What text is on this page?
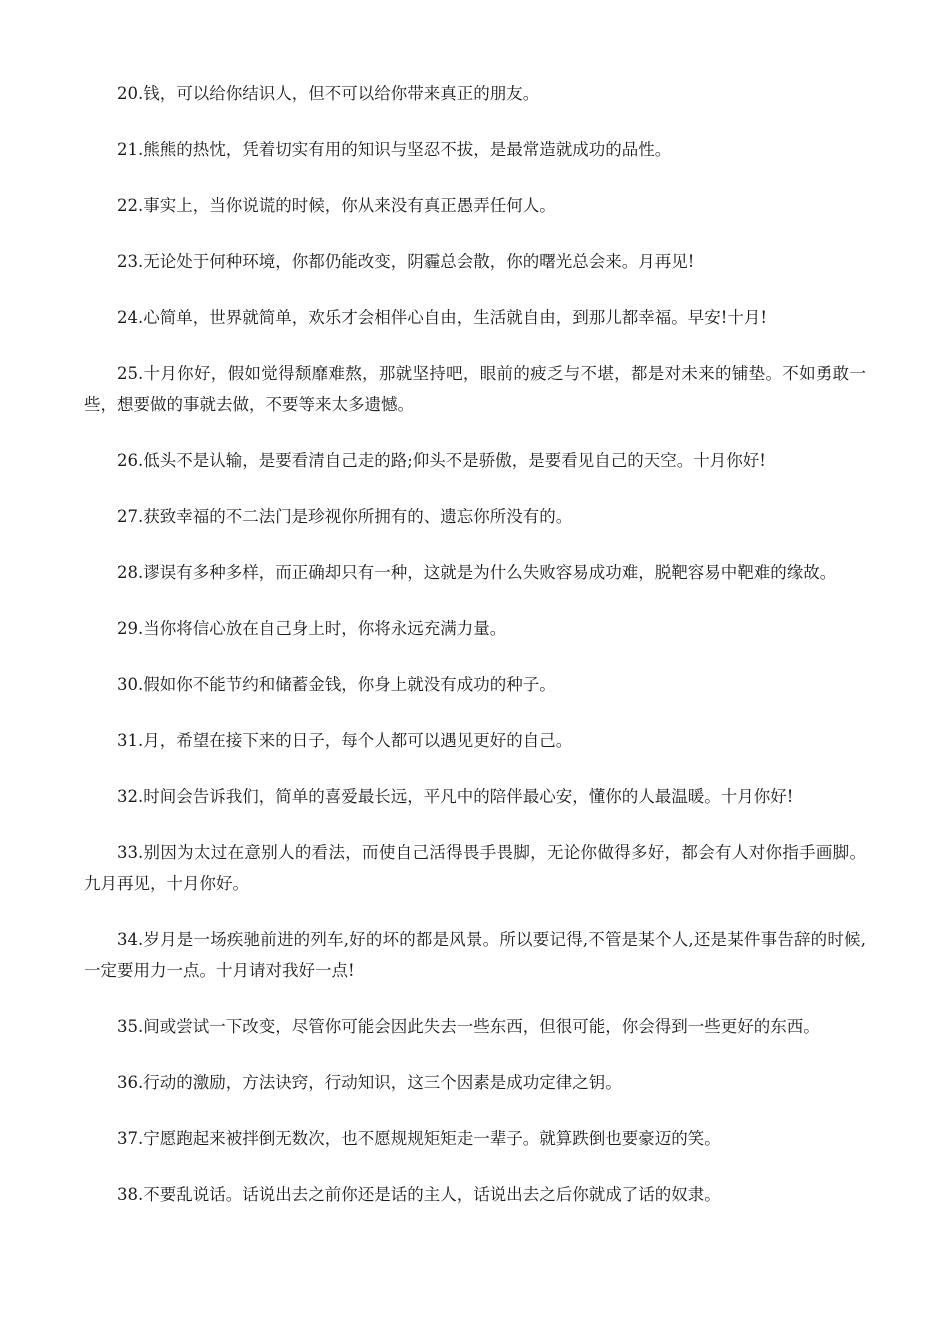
20.钱，可以给你结识人，但不可以给你带来真正的朋友。

21.熊熊的热忱，凭着切实有用的知识与坚忍不拔，是最常造就成功的品性。

22.事实上，当你说谎的时候，你从来没有真正愚弄任何人。

23.无论处于何种环境，你都仍能改变，阴霾总会散，你的曙光总会来。月再见!

24.心简单，世界就简单，欢乐才会相伴心自由，生活就自由，到那儿都幸福。早安!十月!

25.十月你好，假如觉得颓靡难熬，那就坚持吧，眼前的疲乏与不堪，都是对未来的铺垫。不如勇敢一些，想要做的事就去做，不要等来太多遗憾。

26.低头不是认输，是要看清自己走的路;仰头不是骄傲，是要看见自己的天空。十月你好!

27.获致幸福的不二法门是珍视你所拥有的、遗忘你所没有的。

28.谬误有多种多样，而正确却只有一种，这就是为什么失败容易成功难，脱靶容易中靶难的缘故。

29.当你将信心放在自己身上时，你将永远充满力量。

30.假如你不能节约和储蓄金钱，你身上就没有成功的种子。

31.月，希望在接下来的日子，每个人都可以遇见更好的自己。

32.时间会告诉我们，简单的喜爱最长远，平凡中的陪伴最心安，懂你的人最温暖。十月你好!

33.别因为太过在意别人的看法，而使自己活得畏手畏脚，无论你做得多好，都会有人对你指手画脚。九月再见，十月你好。

34.岁月是一场疾驰前进的列车,好的坏的都是风景。所以要记得,不管是某个人,还是某件事告辞的时候,一定要用力一点。十月请对我好一点!

35.间或尝试一下改变，尽管你可能会因此失去一些东西，但很可能，你会得到一些更好的东西。

36.行动的激励，方法诀窍，行动知识，这三个因素是成功定律之钥。

37.宁愿跑起来被拌倒无数次，也不愿规规矩矩走一辈子。就算跌倒也要豪迈的笑。

38.不要乱说话。话说出去之前你还是话的主人，话说出去之后你就成了话的奴隶。
